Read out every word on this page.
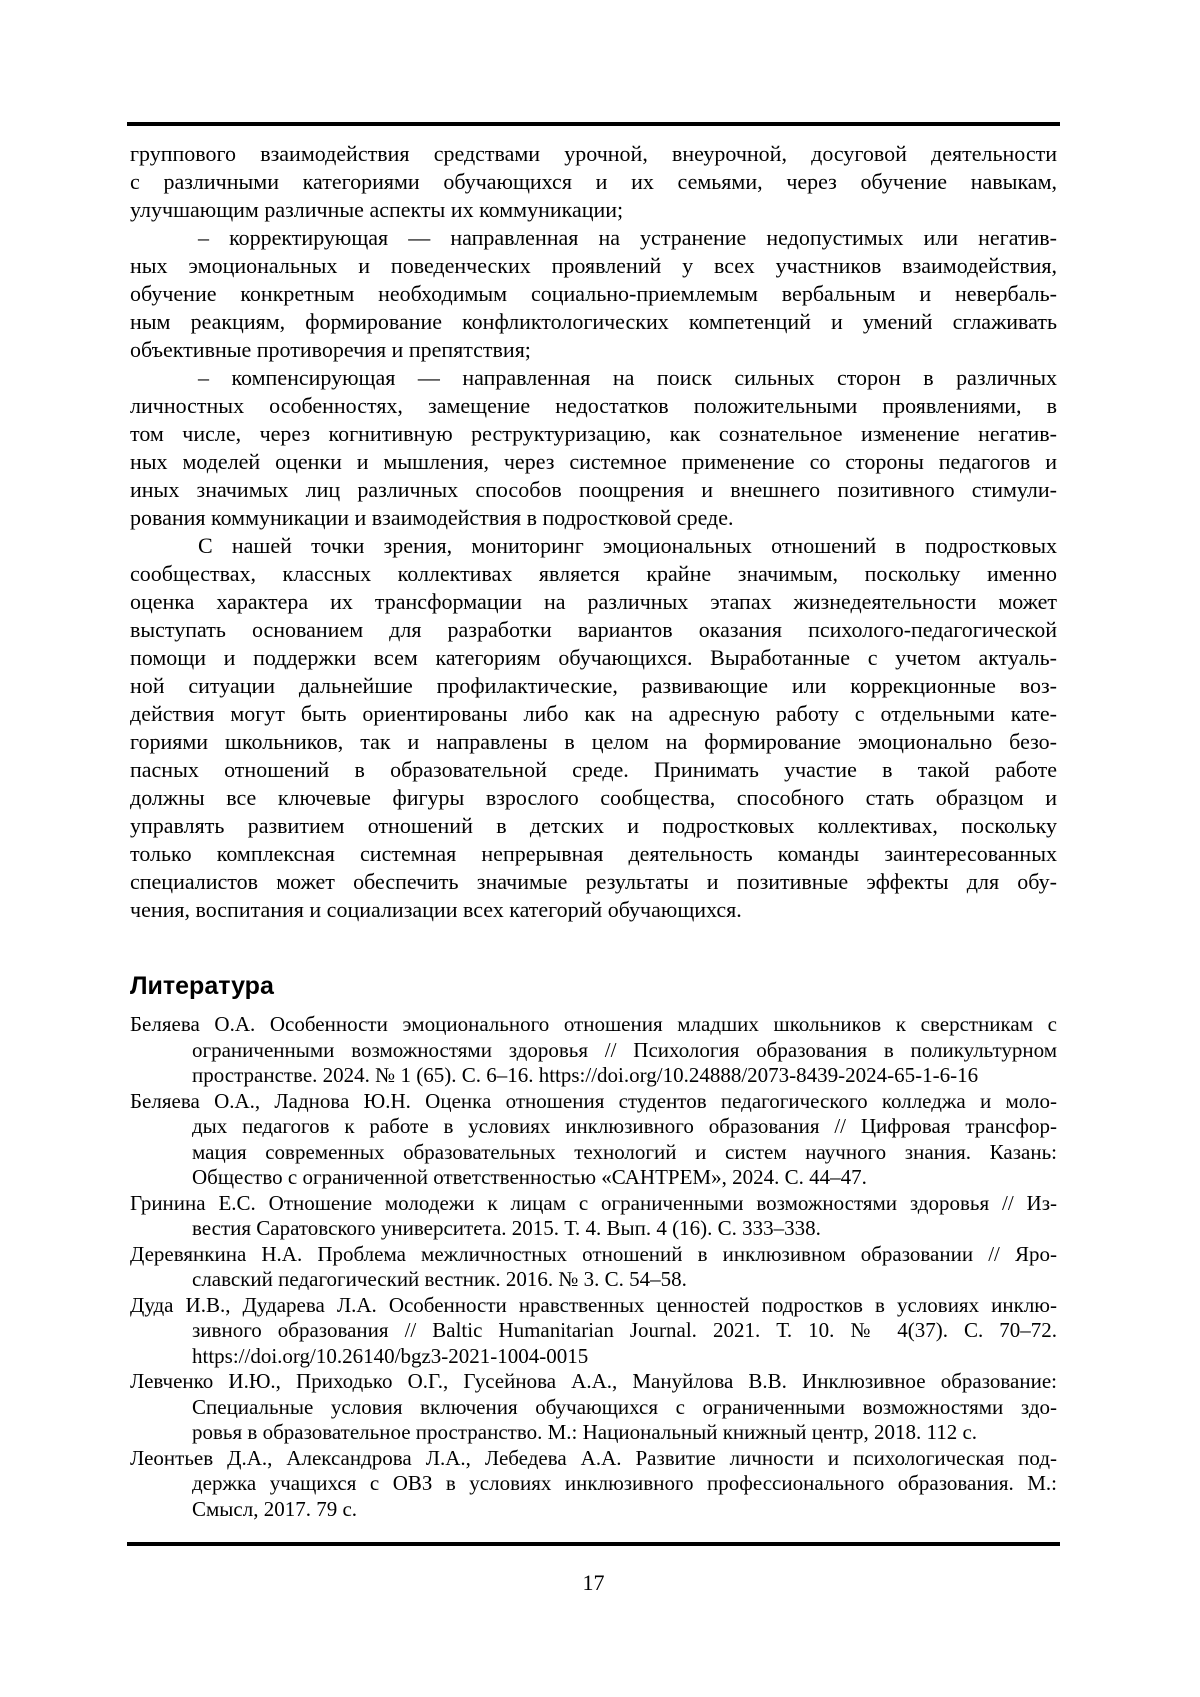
группового взаимодействия средствами урочной, внеурочной, досуговой деятельности
с различными категориями обучающихся и их семьями, через обучение навыкам,
улучшающим различные аспекты их коммуникации;
– корректирующая — направленная на устранение недопустимых или негатив-
ных эмоциональных и поведенческих проявлений у всех участников взаимодействия,
обучение конкретным необходимым социально-приемлемым вербальным и невербаль-
ным реакциям, формирование конфликтологических компетенций и умений сглаживать
объективные противоречия и препятствия;
– компенсирующая — направленная на поиск сильных сторон в различных
личностных особенностях, замещение недостатков положительными проявлениями, в
том числе, через когнитивную реструктуризацию, как сознательное изменение негатив-
ных моделей оценки и мышления, через системное применение со стороны педагогов и
иных значимых лиц различных способов поощрения и внешнего позитивного стимули-
рования коммуникации и взаимодействия в подростковой среде.
С нашей точки зрения, мониторинг эмоциональных отношений в подростковых
сообществах, классных коллективах является крайне значимым, поскольку именно
оценка характера их трансформации на различных этапах жизнедеятельности может
выступать основанием для разработки вариантов оказания психолого-педагогической
помощи и поддержки всем категориям обучающихся. Выработанные с учетом актуаль-
ной ситуации дальнейшие профилактические, развивающие или коррекционные воз-
действия могут быть ориентированы либо как на адресную работу с отдельными кате-
гориями школьников, так и направлены в целом на формирование эмоционально безо-
пасных отношений в образовательной среде. Принимать участие в такой работе
должны все ключевые фигуры взрослого сообщества, способного стать образцом и
управлять развитием отношений в детских и подростковых коллективах, поскольку
только комплексная системная непрерывная деятельность команды заинтересованных
специалистов может обеспечить значимые результаты и позитивные эффекты для обу-
чения, воспитания и социализации всех категорий обучающихся.
Литература
Беляева О.А. Особенности эмоционального отношения младших школьников к сверстникам с
ограниченными возможностями здоровья // Психология образования в поликультурном
пространстве. 2024. № 1 (65). С. 6–16. https://doi.org/10.24888/2073-8439-2024-65-1-6-16
Беляева О.А., Ладнова Ю.Н. Оценка отношения студентов педагогического колледжа и моло-
дых педагогов к работе в условиях инклюзивного образования // Цифровая трансфор-
мация современных образовательных технологий и систем научного знания. Казань:
Общество с ограниченной ответственностью «САНТРЕМ», 2024. С. 44–47.
Гринина Е.С. Отношение молодежи к лицам с ограниченными возможностями здоровья // Из-
вестия Саратовского университета. 2015. Т. 4. Вып. 4 (16). С. 333–338.
Деревянкина Н.А. Проблема межличностных отношений в инклюзивном образовании // Яро-
славский педагогический вестник. 2016. № 3. С. 54–58.
Дуда И.В., Дударева Л.А. Особенности нравственных ценностей подростков в условиях инклю-
зивного образования // Baltic Humanitarian Journal. 2021. Т. 10. № 4(37). С. 70–72.
https://doi.org/10.26140/bgz3-2021-1004-0015
Левченко И.Ю., Приходько О.Г., Гусейнова А.А., Мануйлова В.В. Инклюзивное образование:
Специальные условия включения обучающихся с ограниченными возможностями здо-
ровья в образовательное пространство. М.: Национальный книжный центр, 2018. 112 с.
Леонтьев Д.А., Александрова Л.А., Лебедева А.А. Развитие личности и психологическая под-
держка учащихся с ОВЗ в условиях инклюзивного профессионального образования. М.:
Смысл, 2017. 79 с.
17
